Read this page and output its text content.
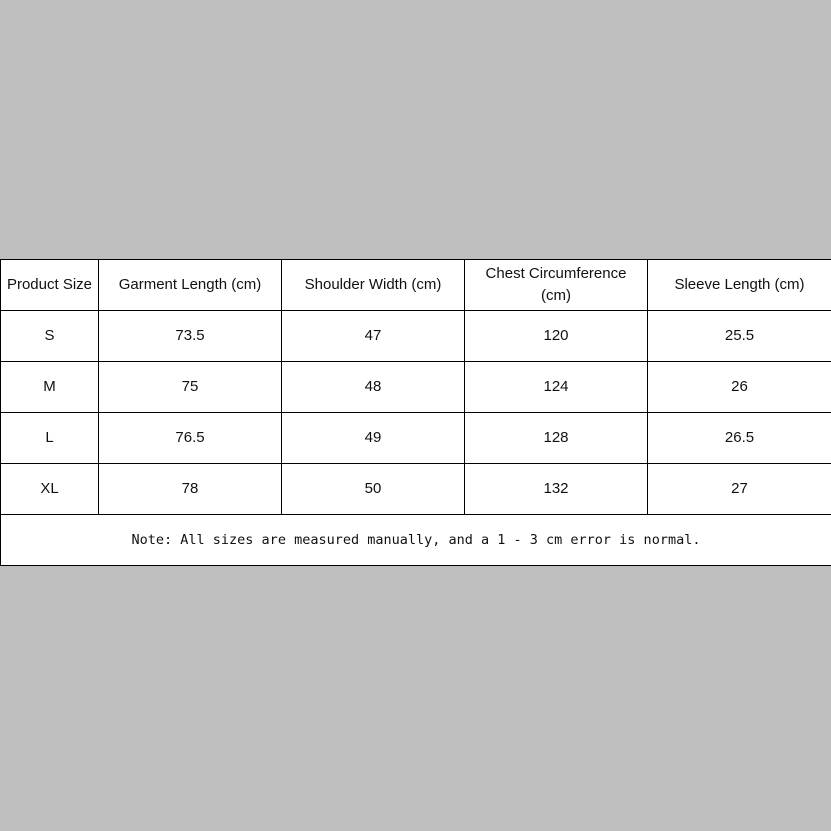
Product Size	Garment Length (cm)	Shoulder Width (cm)	Chest Circumference (cm)	Sleeve Length (cm)
S	73.5	47	120	25.5
M	75	48	124	26
L	76.5	49	128	26.5
XL	78	50	132	27
Note: All sizes are measured manually, and a 1 - 3 cm error is normal.				
